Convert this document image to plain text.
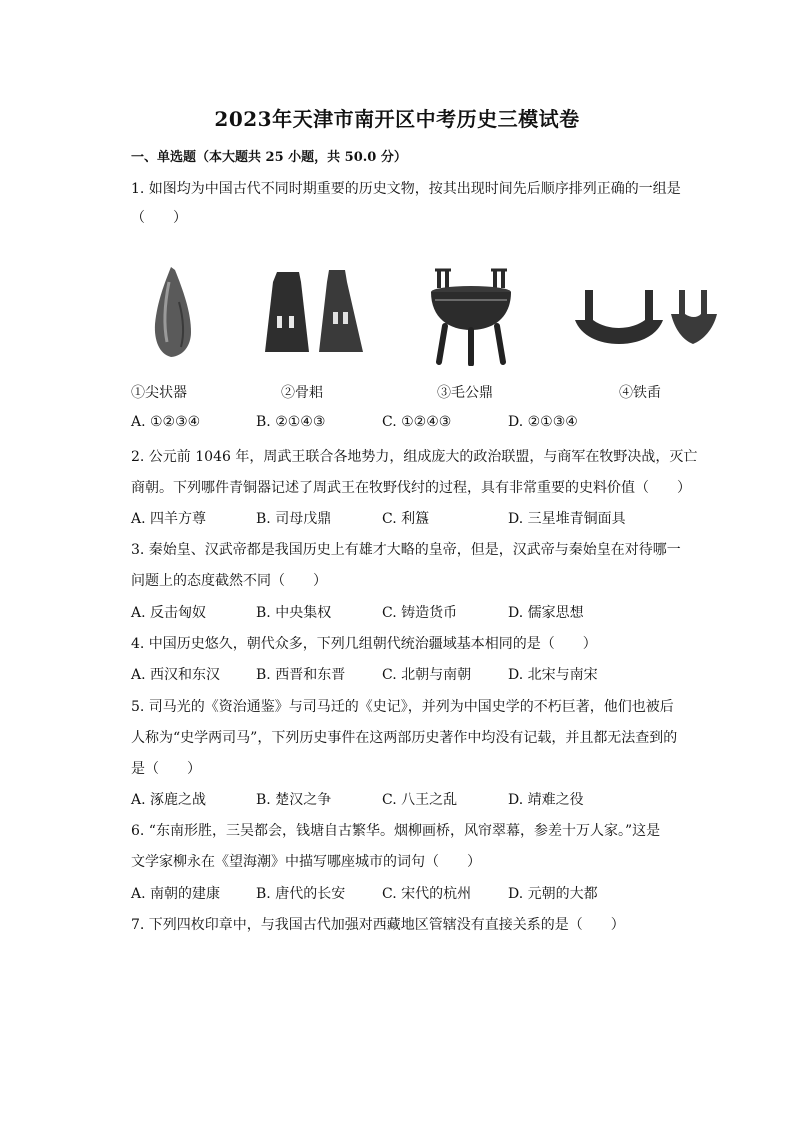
2023年天津市南开区中考历史三模试卷
一、单选题（本大题共 25 小题，共 50.0 分）
1. 如图均为中国古代不同时期重要的历史文物，按其出现时间先后顺序排列正确的一组是
（　　）
①尖状器	②骨耜	③毛公鼎	④铁臿
A. ①②③④	B. ②①④③	C. ①②④③	D. ②①③④
2. 公元前 1046 年，周武王联合各地势力，组成庞大的政治联盟，与商军在牧野决战，灭亡
商朝。下列哪件青铜器记述了周武王在牧野伐纣的过程，具有非常重要的史料价值（　　）
A. 四羊方尊	B. 司母戊鼎	C. 利簋	D. 三星堆青铜面具
3. 秦始皇、汉武帝都是我国历史上有雄才大略的皇帝，但是，汉武帝与秦始皇在对待哪一
问题上的态度截然不同（　　）
A. 反击匈奴	B. 中央集权	C. 铸造货币	D. 儒家思想
4. 中国历史悠久，朝代众多，下列几组朝代统治疆域基本相同的是（　　）
A. 西汉和东汉	B. 西晋和东晋	C. 北朝与南朝	D. 北宋与南宋
5. 司马光的《资治通鉴》与司马迁的《史记》，并列为中国史学的不朽巨著，他们也被后
人称为“史学两司马”，下列历史事件在这两部历史著作中均没有记载，并且都无法查到的
是（　　）
A. 涿鹿之战	B. 楚汉之争	C. 八王之乱	D. 靖难之役
6. “东南形胜，三吴都会，钱塘自古繁华。烟柳画桥，风帘翠幕，参差十万人家。”这是
文学家柳永在《望海潮》中描写哪座城市的词句（　　）
A. 南朝的建康	B. 唐代的长安	C. 宋代的杭州	D. 元朝的大都
7. 下列四枚印章中，与我国古代加强对西藏地区管辖没有直接关系的是（　　）
